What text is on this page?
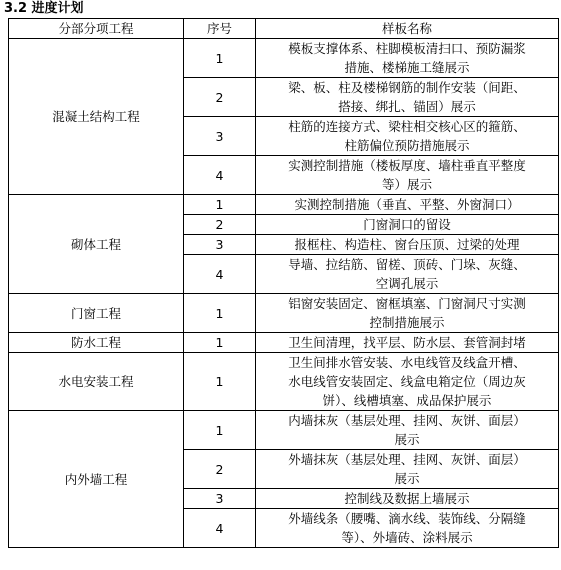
3.2 进度计划
分部分项工程	序号	样板名称
混凝土结构工程	1	模板支撑体系、柱脚模板清扫口、预防漏浆
措施、楼梯施工缝展示

	2	梁、板、柱及楼梯钢筋的制作安装（间距、
搭接、绑扎、锚固）展示

	3	柱筋的连接方式、梁柱相交核心区的箍筋、
柱筋偏位预防措施展示

	4	实测控制措施（楼板厚度、墙柱垂直平整度
等）展示

砌体工程	1	实测控制措施（垂直、平整、外窗洞口）

	2	门窗洞口的留设

	3	报框柱、构造柱、窗台压顶、过梁的处理

	4	导墙、拉结筋、留槎、顶砖、门垛、灰缝、
空调孔展示

门窗工程	1	铝窗安装固定、窗框填塞、门窗洞尺寸实测
控制措施展示

防水工程	1	卫生间清理，找平层、防水层、套管洞封堵

水电安装工程	1	卫生间排水管安装、水电线管及线盒开槽、
水电线管安装固定、线盒电箱定位（周边灰
饼）、线槽填塞、成品保护展示

内外墙工程	1	内墙抹灰（基层处理、挂网、灰饼、面层）
展示

	2	外墙抹灰（基层处理、挂网、灰饼、面层）
展示

	3	控制线及数据上墙展示

	4	外墙线条（腰嘴、滴水线、装饰线、分隔缝
等）、外墙砖、涂料展示
